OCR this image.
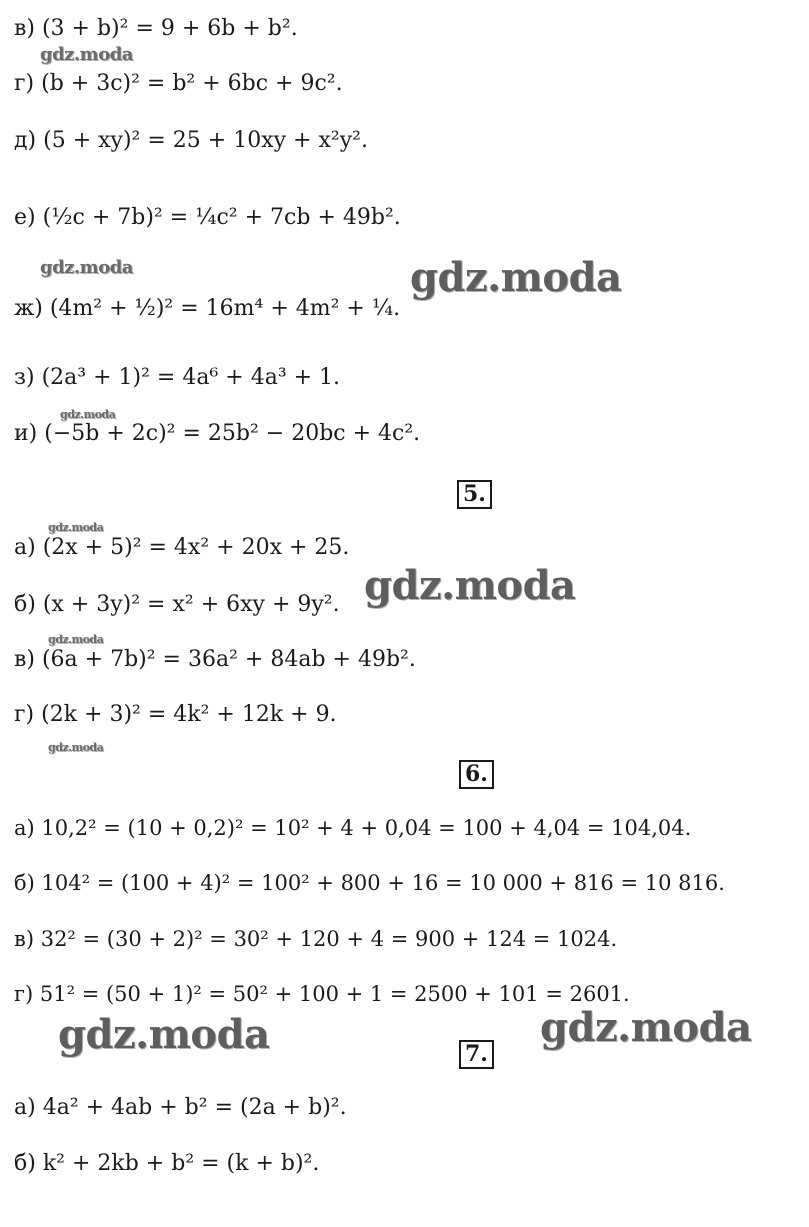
в) (3 + b)² = 9 + 6b + b².
г) (b + 3c)² = b² + 6bc + 9c².
д) (5 + xy)² = 25 + 10xy + x²y².
е) (½c + 7b)² = ¼c² + 7cb + 49b².
ж) (4m² + ½)² = 16m⁴ + 4m² + ¼.
з) (2a³ + 1)² = 4a⁶ + 4a³ + 1.
и) (−5b + 2c)² = 25b² − 20bc + 4c².
5.
а) (2x + 5)² = 4x² + 20x + 25.
б) (x + 3y)² = x² + 6xy + 9y².
в) (6a + 7b)² = 36a² + 84ab + 49b².
г) (2k + 3)² = 4k² + 12k + 9.
6.
а) 10,2² = (10 + 0,2)² = 10² + 4 + 0,04 = 100 + 4,04 = 104,04.
б) 104² = (100 + 4)² = 100² + 800 + 16 = 10 000 + 816 = 10 816.
в) 32² = (30 + 2)² = 30² + 120 + 4 = 900 + 124 = 1024.
г) 51² = (50 + 1)² = 50² + 100 + 1 = 2500 + 101 = 2601.
7.
а) 4a² + 4ab + b² = (2a + b)².
б) k² + 2kb + b² = (k + b)².
gdz.moda
gdz.moda	gdz.moda
gdz.moda
gdz.moda
gdz.moda
gdz.moda
gdz.moda
gdz.moda	gdz.moda
